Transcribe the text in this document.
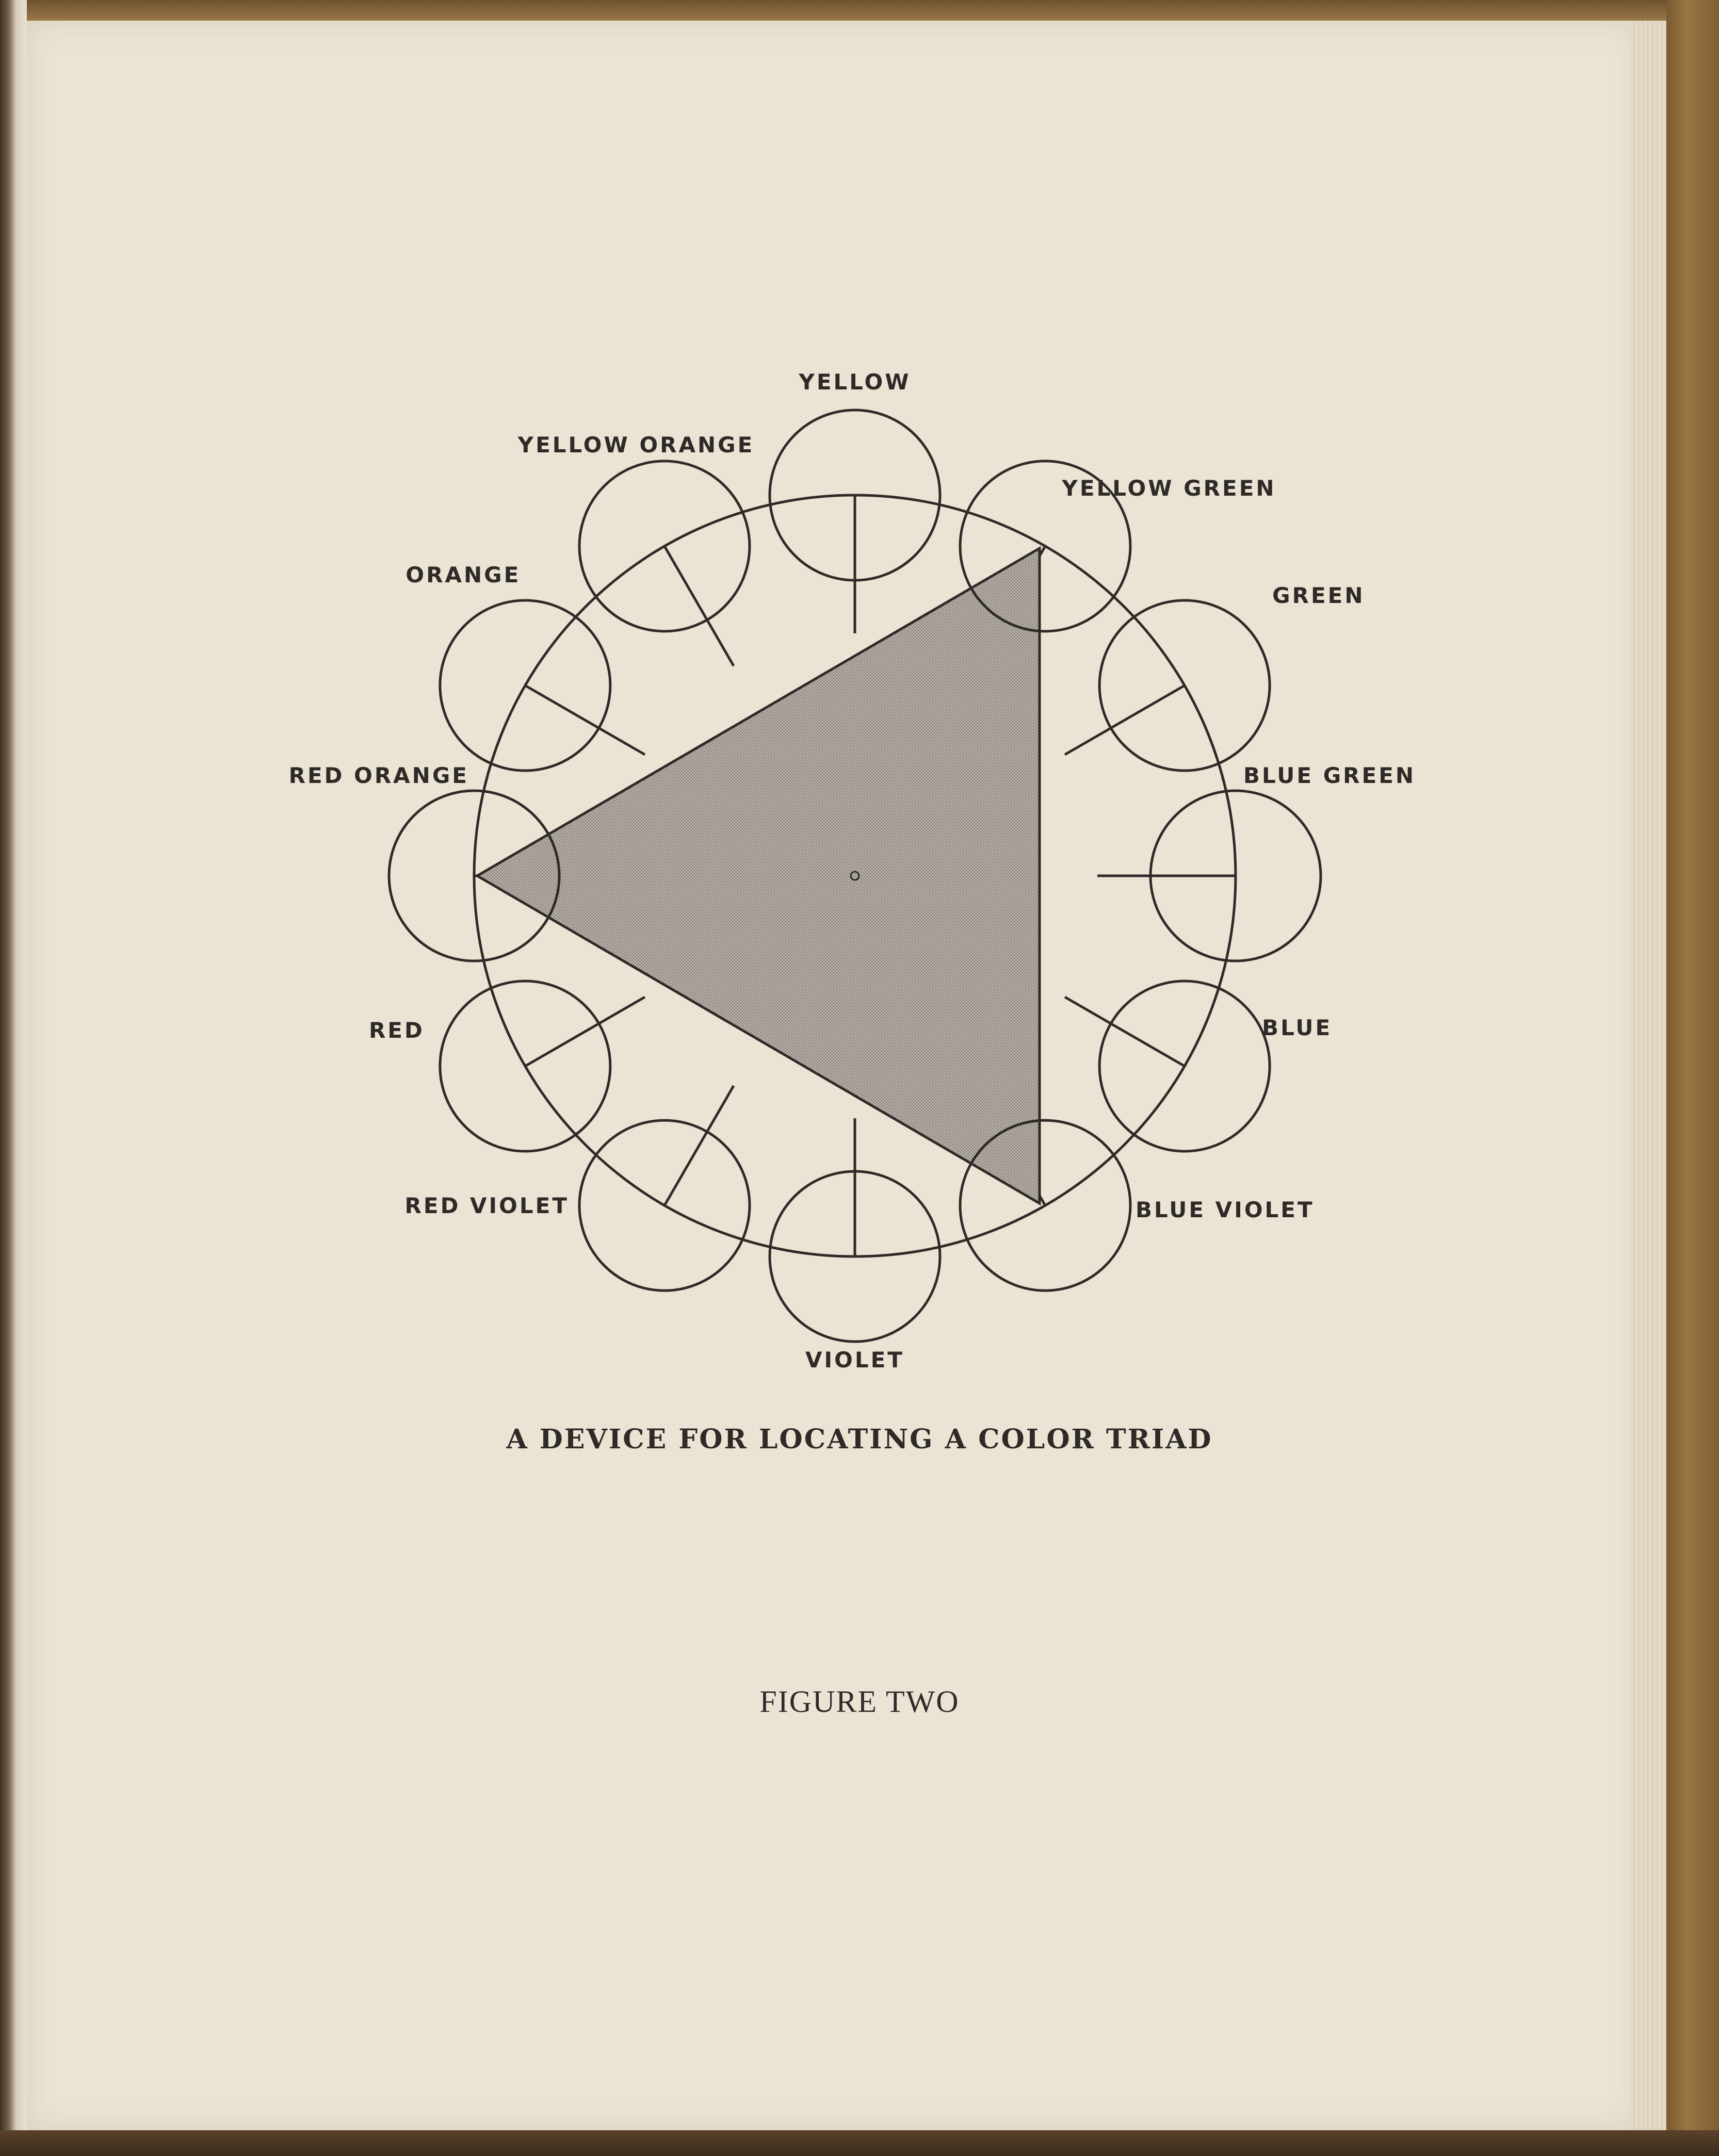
YELLOW
YELLOW GREEN
GREEN
BLUE GREEN
BLUE
BLUE VIOLET
VIOLET
RED VIOLET
RED
RED ORANGE
ORANGE
YELLOW ORANGE
A DEVICE FOR LOCATING A COLOR TRIAD
FIGURE TWO
